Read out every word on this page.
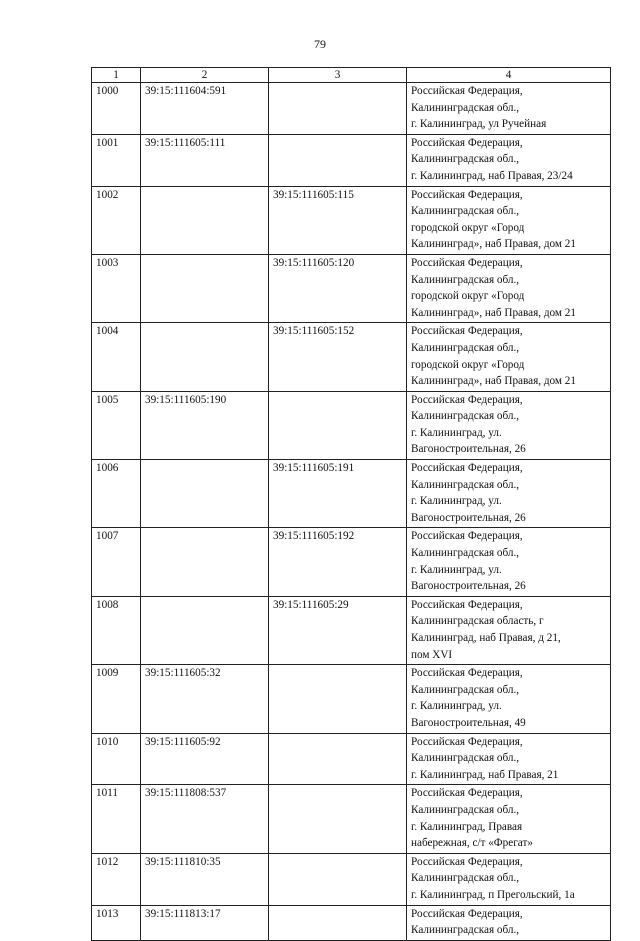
79
1	2	3	4
1000	39:15:111604:591		Российская Федерация,
Калининградская обл.,
г. Калининград, ул Ручейная

1001	39:15:111605:111		Российская Федерация,
Калининградская обл.,
г. Калининград, наб Правая, 23/24

1002		39:15:111605:115	Российская Федерация,
Калининградская обл.,
городской округ «Город
Калининград», наб Правая, дом 21

1003		39:15:111605:120	Российская Федерация,
Калининградская обл.,
городской округ «Город
Калининград», наб Правая, дом 21

1004		39:15:111605:152	Российская Федерация,
Калининградская обл.,
городской округ «Город
Калининград», наб Правая, дом 21

1005	39:15:111605:190		Российская Федерация,
Калининградская обл.,
г. Калининград, ул.
Вагоностроительная, 26

1006		39:15:111605:191	Российская Федерация,
Калининградская обл.,
г. Калининград, ул.
Вагоностроительная, 26

1007		39:15:111605:192	Российская Федерация,
Калининградская обл.,
г. Калининград, ул.
Вагоностроительная, 26

1008		39:15:111605:29	Российская Федерация,
Калининградская область, г
Калининград, наб Правая, д 21,
пом XVI

1009	39:15:111605:32		Российская Федерация,
Калининградская обл.,
г. Калининград, ул.
Вагоностроительная, 49

1010	39:15:111605:92		Российская Федерация,
Калининградская обл.,
г. Калининград, наб Правая, 21

1011	39:15:111808:537		Российская Федерация,
Калининградская обл.,
г. Калининград, Правая
набережная, с/т «Фрегат»

1012	39:15:111810:35		Российская Федерация,
Калининградская обл.,
г. Калининград, п Прегольский, 1а

1013	39:15:111813:17		Российская Федерация,
Калининградская обл.,
